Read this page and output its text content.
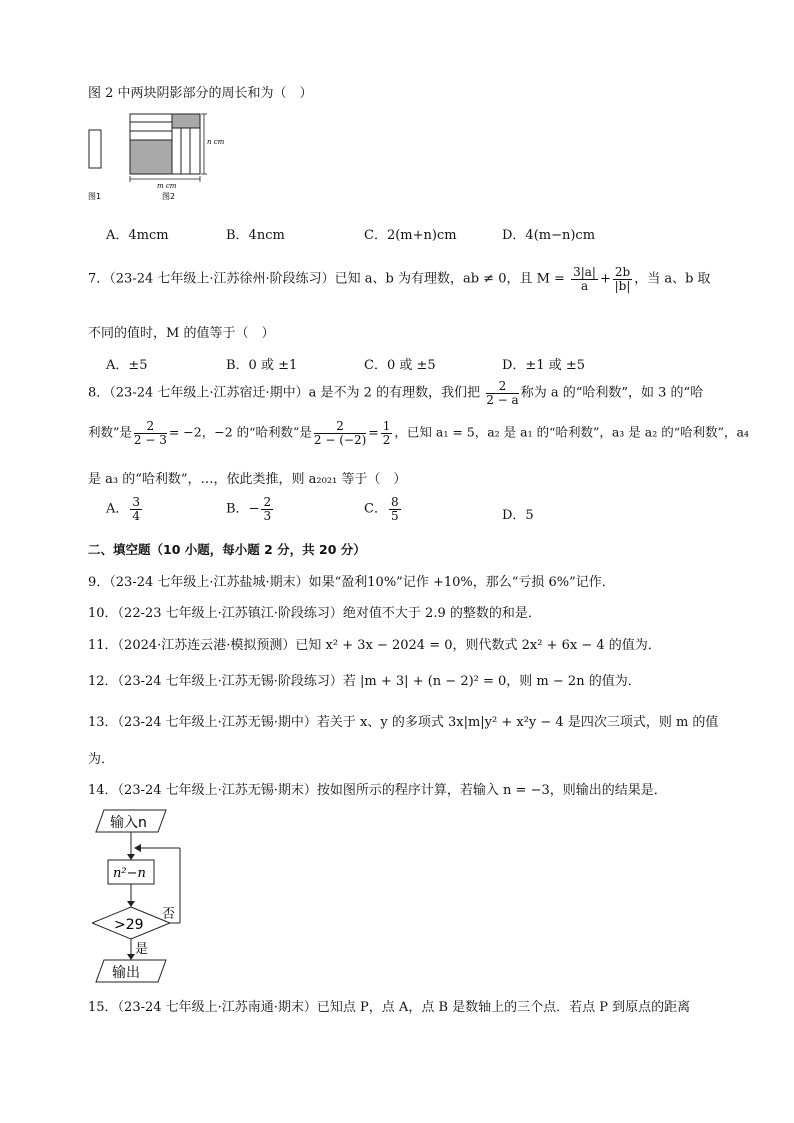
图 2 中两块阴影部分的周长和为（　）
图1
n cm
m cm
图2
A．4mcm	B．4ncm	C．2(m+n)cm	D．4(m−n)cm
7．（23-24 七年级上·江苏徐州·阶段练习）已知 a、b 为有理数，ab ≠ 0，且 $M = \frac{3|a|}{a} + \frac{2b}{|b|}$ ，当 a、b 取
不同的值时，M 的值等于（　）
A．±5	B．0 或 ±1	C．0 或 ±5	D．±1 或 ±5
8．（23-24 七年级上·江苏宿迁·期中）a 是不为 2 的有理数，我们把 $\frac{2}{2 - a}$ 称为 a 的“哈利数”，如 3 的“哈
利数”是 $\frac{2}{2 - 3} = -2$，−2 的“哈利数”是 $\frac{2}{2 - (-2)} = \frac{1}{2}$ ，已知 a₁ = 5，a₂ 是 a₁ 的“哈利数”，a₃ 是 a₂ 的“哈利数”，a₄
是 a₃ 的“哈利数”，…，依此类推，则 a₂₀₂₁ 等于（　）
A． $\frac{3}{4}$	B．− $\frac{2}{3}$	C． $\frac{8}{5}$	D．5
二、填空题（10 小题，每小题 2 分，共 20 分）
9．（23-24 七年级上·江苏盐城·期末）如果“盈利10%”记作 +10%，那么“亏损 6%”记作．
10．（22-23 七年级上·江苏镇江·阶段练习）绝对值不大于 2.9 的整数的和是．
11．（2024·江苏连云港·模拟预测）已知 x² + 3x − 2024 = 0，则代数式 2x² + 6x − 4 的值为．
12．（23-24 七年级上·江苏无锡·阶段练习）若 |m + 3| + (n − 2)² = 0，则 m − 2n 的值为．
13．（23-24 七年级上·江苏无锡·期中）若关于 x、y 的多项式 3x|m|y² + x²y − 4 是四次三项式，则 m 的值
为．
14．（23-24 七年级上·江苏无锡·期末）按如图所示的程序计算，若输入 n = −3，则输出的结果是．
输入n
n²−n
>29
否
是
输出
15．（23-24 七年级上·江苏南通·期末）已知点 P，点 A，点 B 是数轴上的三个点．若点 P 到原点的距离
